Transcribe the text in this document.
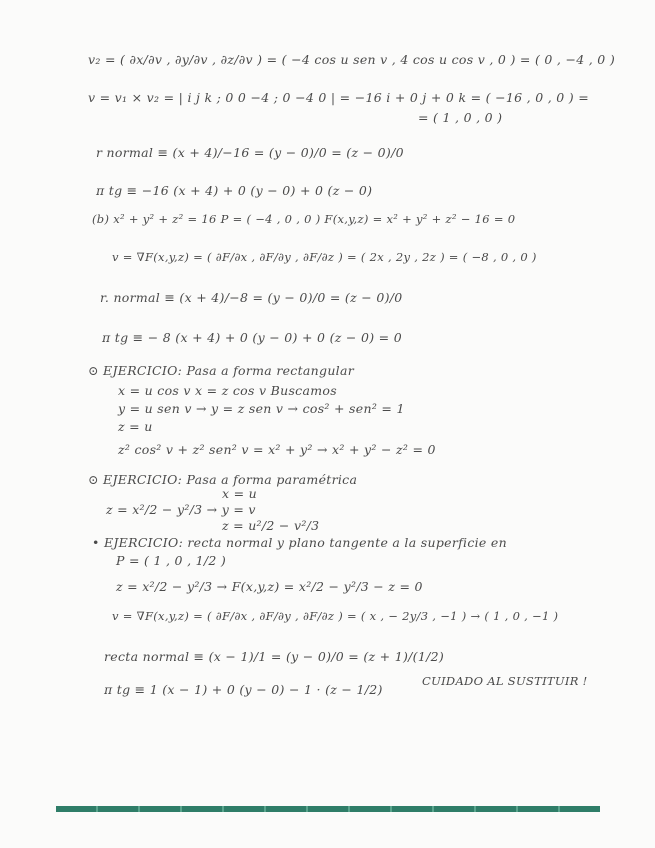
v₂ = ( ∂x/∂v , ∂y/∂v , ∂z/∂v ) = ( −4 cos u sen v , 4 cos u cos v , 0 ) = ( 0 , −4 , 0 )
v = v₁ × v₂ = | i j k ; 0 0 −4 ; 0 −4 0 | = −16 i + 0 j + 0 k = ( −16 , 0 , 0 ) =
= ( 1 , 0 , 0 )
r normal ≡ (x + 4)/−16 = (y − 0)/0 = (z − 0)/0
π tg ≡ −16 (x + 4) + 0 (y − 0) + 0 (z − 0)
(b) x² + y² + z² = 16 P = ( −4 , 0 , 0 ) F(x,y,z) = x² + y² + z² − 16 = 0
v = ∇F(x,y,z) = ( ∂F/∂x , ∂F/∂y , ∂F/∂z ) = ( 2x , 2y , 2z ) = ( −8 , 0 , 0 )
r. normal ≡ (x + 4)/−8 = (y − 0)/0 = (z − 0)/0
π tg ≡ − 8 (x + 4) + 0 (y − 0) + 0 (z − 0) = 0
⊙ EJERCICIO: Pasa a forma rectangular
x = u cos v x = z cos v Buscamos
y = u sen v → y = z sen v → cos² + sen² = 1
z = u
z² cos² v + z² sen² v = x² + y² → x² + y² − z² = 0
⊙ EJERCICIO: Pasa a forma paramétrica
x = u
z = x²/2 − y²/3 → y = v
z = u²/2 − v²/3
• EJERCICIO: recta normal y plano tangente a la superficie en
P = ( 1 , 0 , 1/2 )
z = x²/2 − y²/3 → F(x,y,z) = x²/2 − y²/3 − z = 0
v = ∇F(x,y,z) = ( ∂F/∂x , ∂F/∂y , ∂F/∂z ) = ( x , − 2y/3 , −1 ) → ( 1 , 0 , −1 )
recta normal ≡ (x − 1)/1 = (y − 0)/0 = (z + 1)/(1/2)
π tg ≡ 1 (x − 1) + 0 (y − 0) − 1 · (z − 1/2)
CUIDADO AL SUSTITUIR !
